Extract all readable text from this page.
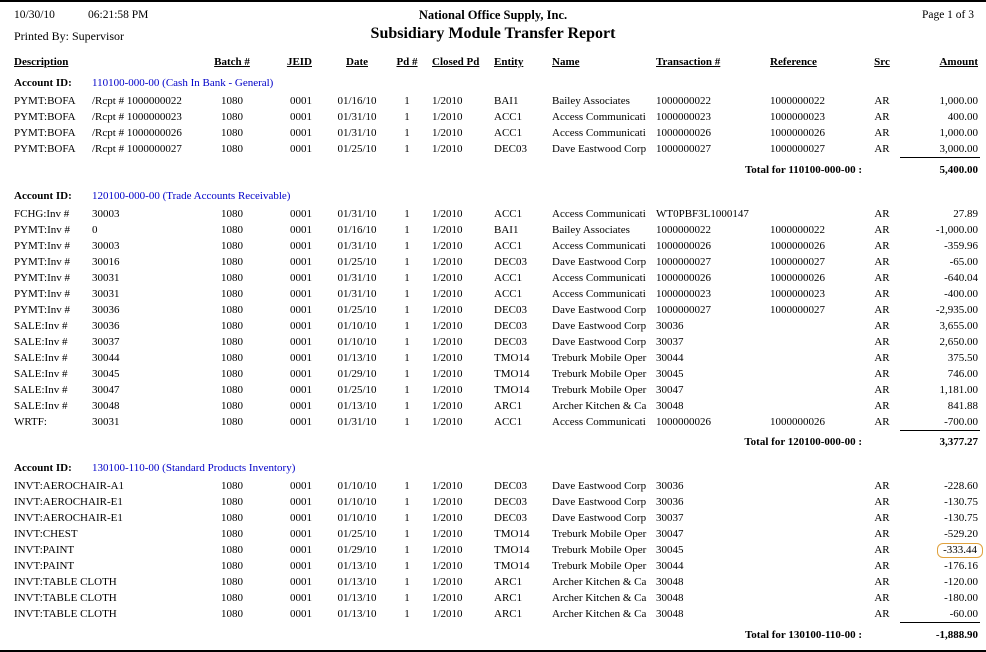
10/30/10	06:21:58 PM	National Office Supply, Inc.	Page 1 of 3
Printed By: Supervisor	Subsidiary Module Transfer Report
Description	Batch #	JEID	Date	Pd #	Closed Pd	Entity	Name	Transaction #	Reference	Src	Amount
Account ID: 110100-000-00 (Cash In Bank - General)											
PYMT:BOFA /Rcpt # 1000000022	1080	0001	01/16/10	1	1/2010	BAI1	Bailey Associates	1000000022	1000000022	AR	1,000.00
PYMT:BOFA /Rcpt # 1000000023	1080	0001	01/31/10	1	1/2010	ACC1	Access Communicati	1000000023	1000000023	AR	400.00
PYMT:BOFA /Rcpt # 1000000026	1080	0001	01/31/10	1	1/2010	ACC1	Access Communicati	1000000026	1000000026	AR	1,000.00
PYMT:BOFA /Rcpt # 1000000027	1080	0001	01/25/10	1	1/2010	DEC03	Dave Eastwood Corp	1000000027	1000000027	AR	3,000.00
Total for 110100-000-00 :											5,400.00
Account ID: 120100-000-00 (Trade Accounts Receivable)											
FCHG:Inv # 30003	1080	0001	01/31/10	1	1/2010	ACC1	Access Communicati	WT0PBF3L1000147		AR	27.89
PYMT:Inv # 0	1080	0001	01/16/10	1	1/2010	BAI1	Bailey Associates	1000000022	1000000022	AR	-1,000.00
PYMT:Inv # 30003	1080	0001	01/31/10	1	1/2010	ACC1	Access Communicati	1000000026	1000000026	AR	-359.96
PYMT:Inv # 30016	1080	0001	01/25/10	1	1/2010	DEC03	Dave Eastwood Corp	1000000027	1000000027	AR	-65.00
PYMT:Inv # 30031	1080	0001	01/31/10	1	1/2010	ACC1	Access Communicati	1000000026	1000000026	AR	-640.04
PYMT:Inv # 30031	1080	0001	01/31/10	1	1/2010	ACC1	Access Communicati	1000000023	1000000023	AR	-400.00
PYMT:Inv # 30036	1080	0001	01/25/10	1	1/2010	DEC03	Dave Eastwood Corp	1000000027	1000000027	AR	-2,935.00
SALE:Inv # 30036	1080	0001	01/10/10	1	1/2010	DEC03	Dave Eastwood Corp	30036		AR	3,655.00
SALE:Inv # 30037	1080	0001	01/10/10	1	1/2010	DEC03	Dave Eastwood Corp	30037		AR	2,650.00
SALE:Inv # 30044	1080	0001	01/13/10	1	1/2010	TMO14	Treburk Mobile Oper	30044		AR	375.50
SALE:Inv # 30045	1080	0001	01/29/10	1	1/2010	TMO14	Treburk Mobile Oper	30045		AR	746.00
SALE:Inv # 30047	1080	0001	01/25/10	1	1/2010	TMO14	Treburk Mobile Oper	30047		AR	1,181.00
SALE:Inv # 30048	1080	0001	01/13/10	1	1/2010	ARC1	Archer Kitchen & Ca	30048		AR	841.88
WRTF: 30031	1080	0001	01/31/10	1	1/2010	ACC1	Access Communicati	1000000026	1000000026	AR	-700.00
Total for 120100-000-00 :											3,377.27
Account ID: 130100-110-00 (Standard Products Inventory)											
INVT:AEROCHAIR-A1	1080	0001	01/10/10	1	1/2010	DEC03	Dave Eastwood Corp	30036		AR	-228.60
INVT:AEROCHAIR-E1	1080	0001	01/10/10	1	1/2010	DEC03	Dave Eastwood Corp	30036		AR	-130.75
INVT:AEROCHAIR-E1	1080	0001	01/10/10	1	1/2010	DEC03	Dave Eastwood Corp	30037		AR	-130.75
INVT:CHEST	1080	0001	01/25/10	1	1/2010	TMO14	Treburk Mobile Oper	30047		AR	-529.20
INVT:PAINT	1080	0001	01/29/10	1	1/2010	TMO14	Treburk Mobile Oper	30045		AR	-333.44
INVT:PAINT	1080	0001	01/13/10	1	1/2010	TMO14	Treburk Mobile Oper	30044		AR	-176.16
INVT:TABLE CLOTH	1080	0001	01/13/10	1	1/2010	ARC1	Archer Kitchen & Ca	30048		AR	-120.00
INVT:TABLE CLOTH	1080	0001	01/13/10	1	1/2010	ARC1	Archer Kitchen & Ca	30048		AR	-180.00
INVT:TABLE CLOTH	1080	0001	01/13/10	1	1/2010	ARC1	Archer Kitchen & Ca	30048		AR	-60.00
Total for 130100-110-00 :											-1,888.90
